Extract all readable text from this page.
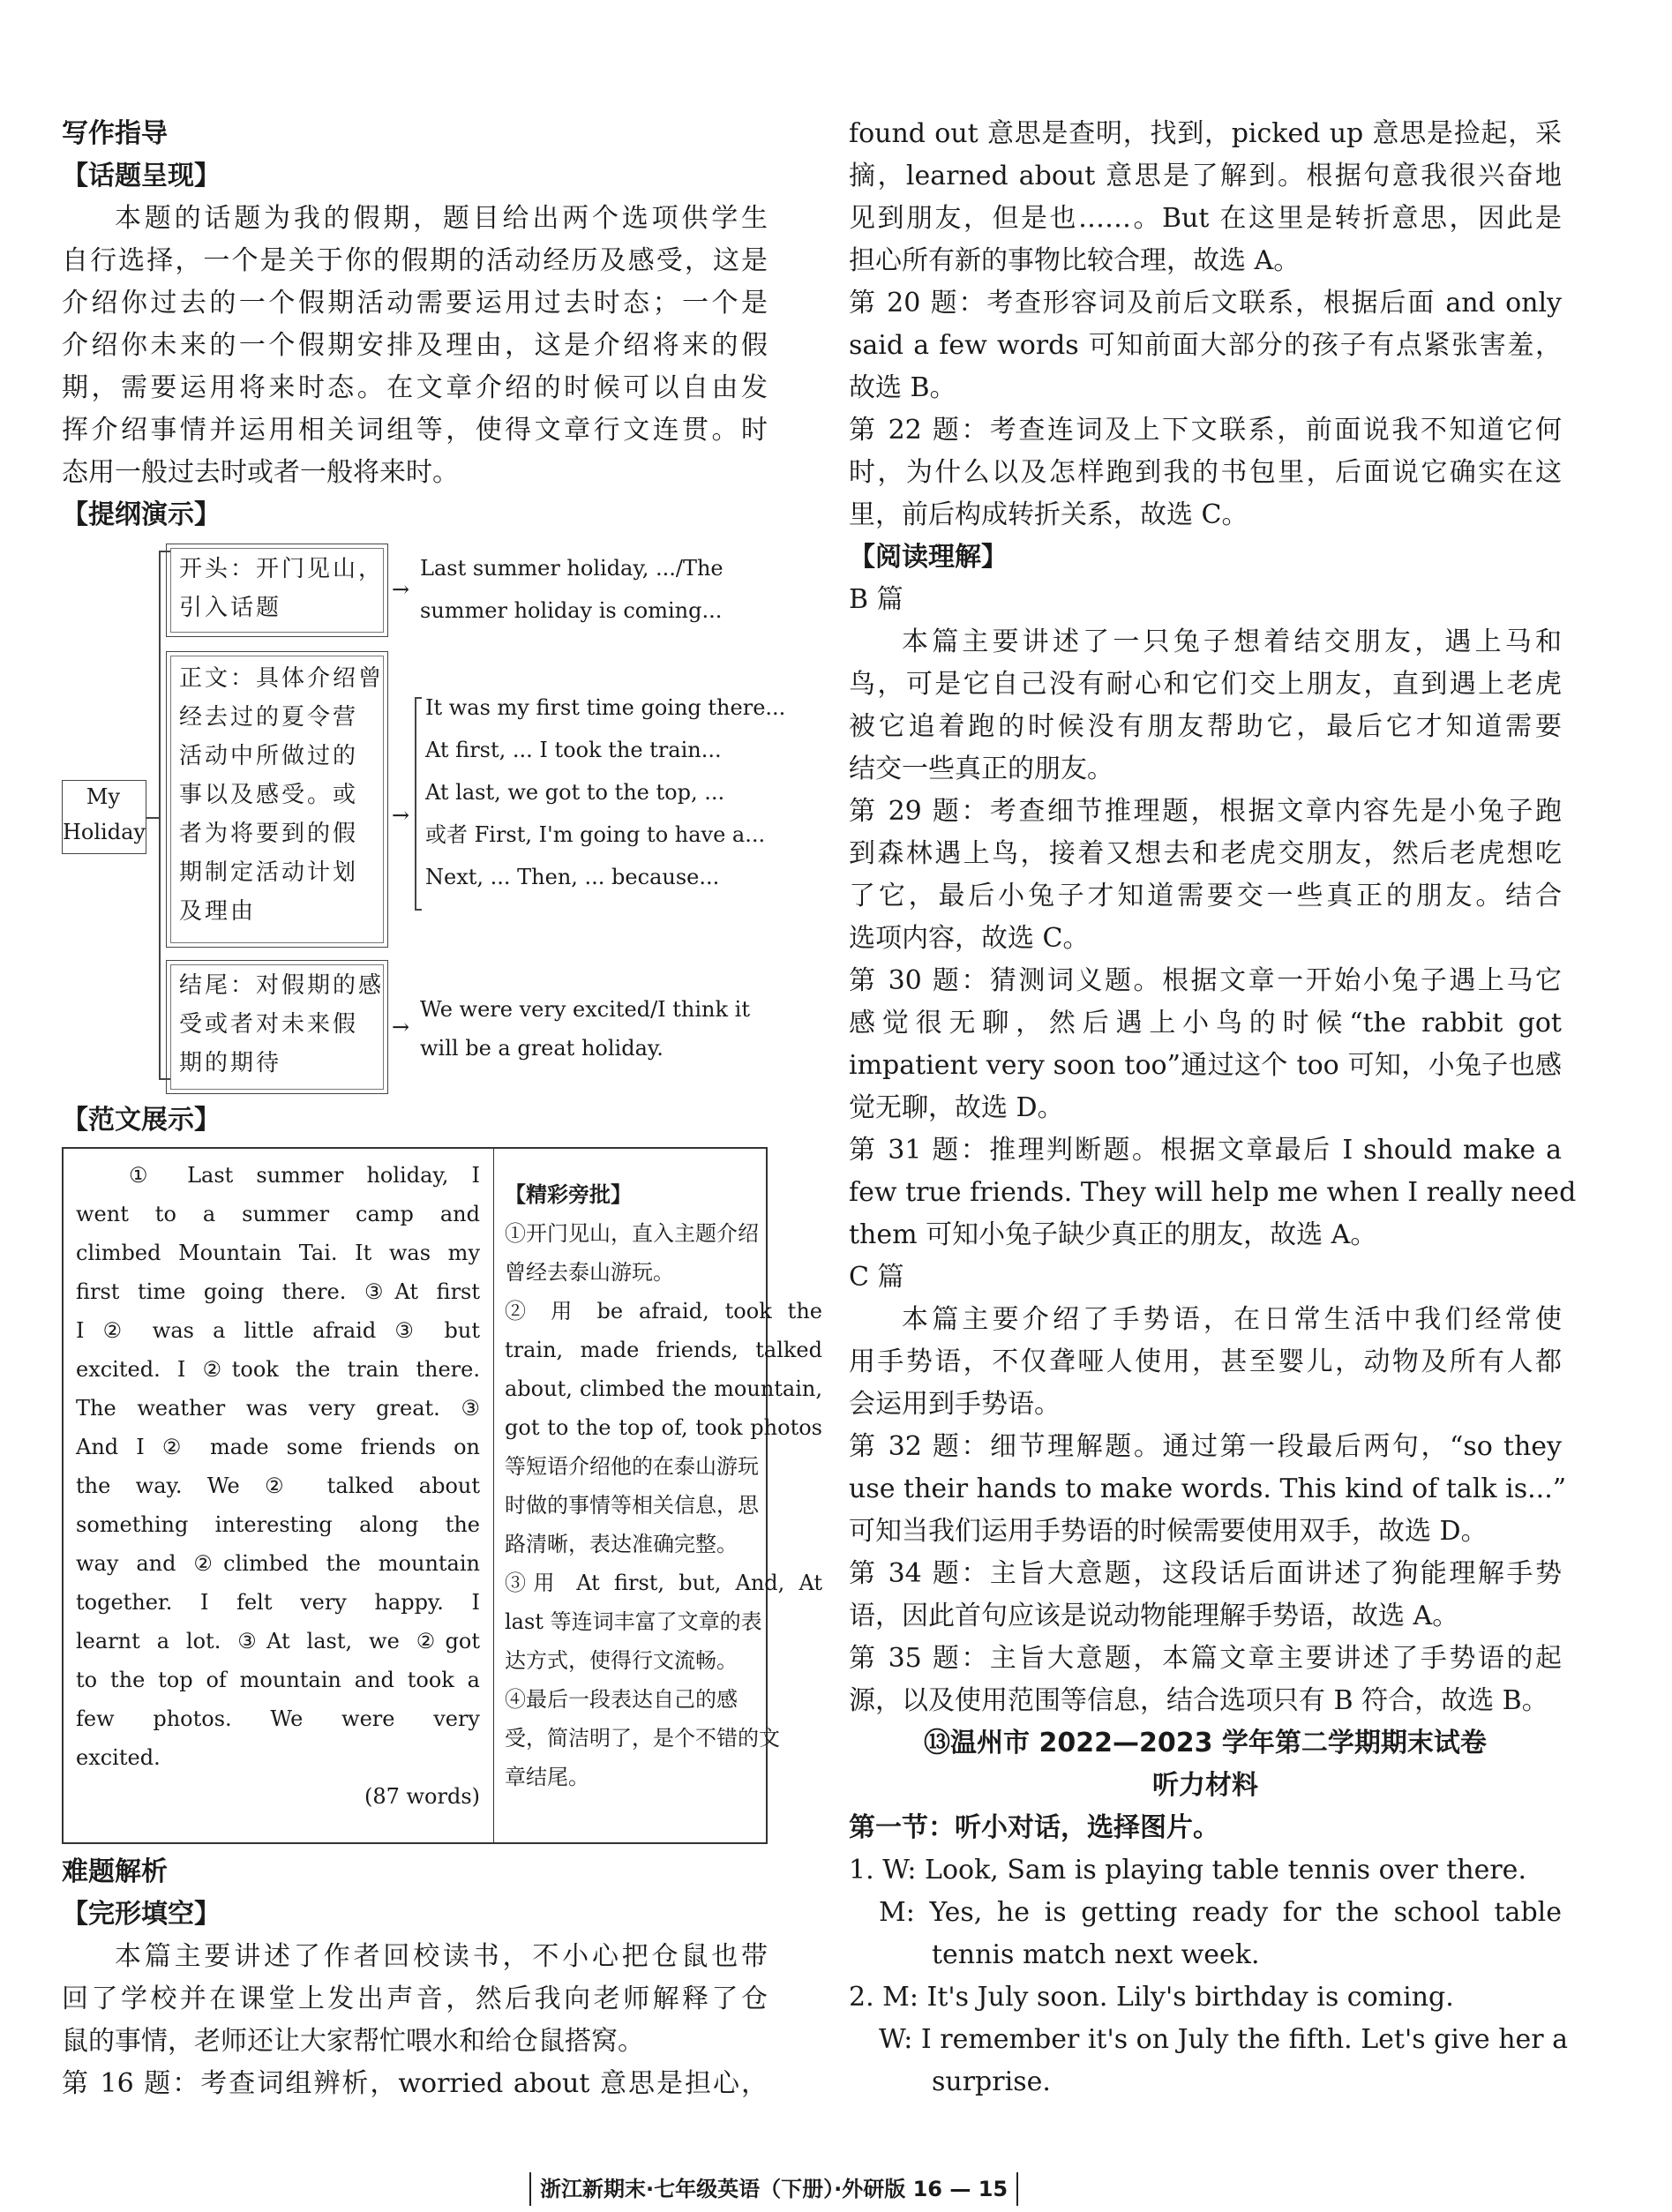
写作指导
【话题呈现】
本题的话题为我的假期，题目给出两个选项供学生
自行选择，一个是关于你的假期的活动经历及感受，这是
介绍你过去的一个假期活动需要运用过去时态；一个是
介绍你未来的一个假期安排及理由，这是介绍将来的假
期，需要运用将来时态。在文章介绍的时候可以自由发
挥介绍事情并运用相关词组等，使得文章行文连贯。时
态用一般过去时或者一般将来时。
【提纲演示】
My
Holiday
开头：开门见山，
引入话题
→
Last summer holiday, .../The
summer holiday is coming...
正文：具体介绍曾
经去过的夏令营
活动中所做过的
事以及感受。或
者为将要到的假
期制定活动计划
及理由
→
It was my first time going there...
At first, ... I took the train...
At last, we got to the top, ...
或者 First, I'm going to have a...
Next, ... Then, ... because...
结尾：对假期的感
受或者对未来假
期的期待
→
We were very excited/I think it
will be a great holiday.
【范文展示】
① Last summer holiday, I
went to a summer camp and
climbed Mountain Tai. It was my
first time going there. ③At first
I ② was a little afraid ③ but
excited. I ②took the train there.
The weather was very great. ③
And I ② made some friends on
the way. We ② talked about
something interesting along the
way and ②climbed the mountain
together. I felt very happy. I
learnt a lot. ③At last, we ②got
to the top of mountain and took a
few photos. We were very
excited.
(87 words)
【精彩旁批】
①开门见山，直入主题介绍
曾经去泰山游玩。
② 用 be afraid, took the
train, made friends, talked
about, climbed the mountain,
got to the top of, took photos
等短语介绍他的在泰山游玩
时做的事情等相关信息，思
路清晰，表达准确完整。
③用 At first, but, And, At
last 等连词丰富了文章的表
达方式，使得行文流畅。
④最后一段表达自己的感
受，简洁明了，是个不错的文
章结尾。
难题解析
【完形填空】
本篇主要讲述了作者回校读书，不小心把仓鼠也带
回了学校并在课堂上发出声音，然后我向老师解释了仓
鼠的事情，老师还让大家帮忙喂水和给仓鼠搭窝。
第 16 题：考查词组辨析，worried about 意思是担心，
found out 意思是查明，找到，picked up 意思是捡起，采
摘，learned about 意思是了解到。根据句意我很兴奋地
见到朋友，但是也……。But 在这里是转折意思，因此是
担心所有新的事物比较合理，故选 A。
第 20 题：考查形容词及前后文联系，根据后面 and only
said a few words 可知前面大部分的孩子有点紧张害羞，
故选 B。
第 22 题：考查连词及上下文联系，前面说我不知道它何
时，为什么以及怎样跑到我的书包里，后面说它确实在这
里，前后构成转折关系，故选 C。
【阅读理解】
B 篇
本篇主要讲述了一只兔子想着结交朋友，遇上马和
鸟，可是它自己没有耐心和它们交上朋友，直到遇上老虎
被它追着跑的时候没有朋友帮助它，最后它才知道需要
结交一些真正的朋友。
第 29 题：考查细节推理题，根据文章内容先是小兔子跑
到森林遇上鸟，接着又想去和老虎交朋友，然后老虎想吃
了它，最后小兔子才知道需要交一些真正的朋友。结合
选项内容，故选 C。
第 30 题：猜测词义题。根据文章一开始小兔子遇上马它
感觉很无聊，然后遇上小鸟的时候“the rabbit got
impatient very soon too”通过这个 too 可知，小兔子也感
觉无聊，故选 D。
第 31 题：推理判断题。根据文章最后 I should make a
few true friends. They will help me when I really need
them 可知小兔子缺少真正的朋友，故选 A。
C 篇
本篇主要介绍了手势语，在日常生活中我们经常使
用手势语，不仅聋哑人使用，甚至婴儿，动物及所有人都
会运用到手势语。
第 32 题：细节理解题。通过第一段最后两句，“so they
use their hands to make words. This kind of talk is...”
可知当我们运用手势语的时候需要使用双手，故选 D。
第 34 题：主旨大意题，这段话后面讲述了狗能理解手势
语，因此首句应该是说动物能理解手势语，故选 A。
第 35 题：主旨大意题，本篇文章主要讲述了手势语的起
源，以及使用范围等信息，结合选项只有 B 符合，故选 B。
⑬温州市 2022—2023 学年第二学期期末试卷
听力材料
第一节：听小对话，选择图片。
1. W: Look, Sam is playing table tennis over there.
M: Yes, he is getting ready for the school table
tennis match next week.
2. M: It's July soon. Lily's birthday is coming.
W: I remember it's on July the fifth. Let's give her a
surprise.
浙江新期末·七年级英语（下册）·外研版 16 — 15
